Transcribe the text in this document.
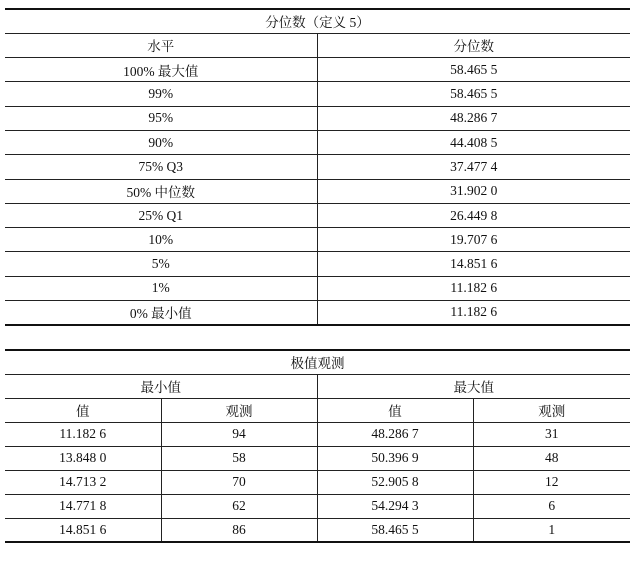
分位数（定义 5）	
水平	分位数
100% 最大值	58.465 5
99%	58.465 5
95%	48.286 7
90%	44.408 5
75% Q3	37.477 4
50% 中位数	31.902 0
25% Q1	26.449 8
10%	19.707 6
5%	14.851 6
1%	11.182 6
0% 最小值	11.182 6
极值观测			
最小值		最大值	
值	观测	值	观测
11.182 6	94	48.286 7	31
13.848 0	58	50.396 9	48
14.713 2	70	52.905 8	12
14.771 8	62	54.294 3	6
14.851 6	86	58.465 5	1
